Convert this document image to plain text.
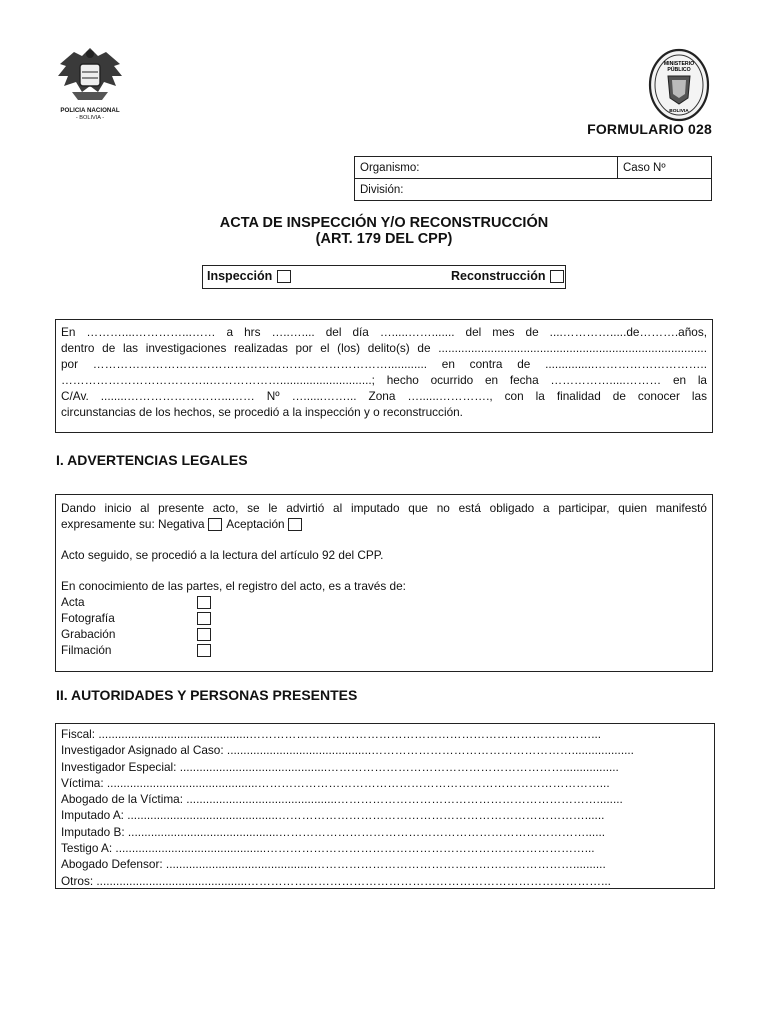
POLICIA NACIONAL
- BOLIVIA -
MINISTERIO
PÚBLICO
BOLIVIA
FORMULARIO 028
Organismo:	Caso Nº
División:
ACTA DE INSPECCIÓN Y/O RECONSTRUCCIÓN
(ART. 179 DEL CPP)
Inspección	Reconstrucción

En ………....…………...…… a hrs …..….... del día ….....……....... del mes de ....………….....de……….años,

dentro de las investigaciones realizadas por el (los) delito(s) de ..................................................................................

por …………………………………………………………………............ en contra de ...............………………………..

………………………………..………………............................; hecho ocurrido en fecha …………….....……… en la

C/Av. ........……………………...…… Nº …......……... Zona …......…………., con la finalidad de conocer las

circunstancias de los hechos, se procedió a la inspección y o reconstrucción.

I. ADVERTENCIAS LEGALES

Dando inicio al presente acto, se le advirtió al imputado que no está obligado a participar, quien manifestó

expresamente su: Negativa Aceptación

Acto seguido, se procedió a la lectura del artículo 92 del CPP.

En conocimiento de las partes, el registro del acto, es a través de:

Acta
Fotografía
Grabación
Filmación
II. AUTORIDADES Y PERSONAS PRESENTES
Fiscal: ..............................................……………………………………………………………………………...
Investigador Asignado al Caso: ............................................……………………………………………...................
Investigador Especial: .............................................…………………………………………………….................
Víctima: ..............................................……………………………………………………………………………...
Abogado de la Víctima: ..............................................…………………………………………………………........
Imputado A: ..............................................……………………………………………………………………......
Imputado B: ..............................................……………………………………………………………………......
Testigo A: ..............................................………………………………………………………………………...
Abogado Defensor: .............................................…………………………………………………………..........
Otros: ..............................................………………………………………………………………………………...
